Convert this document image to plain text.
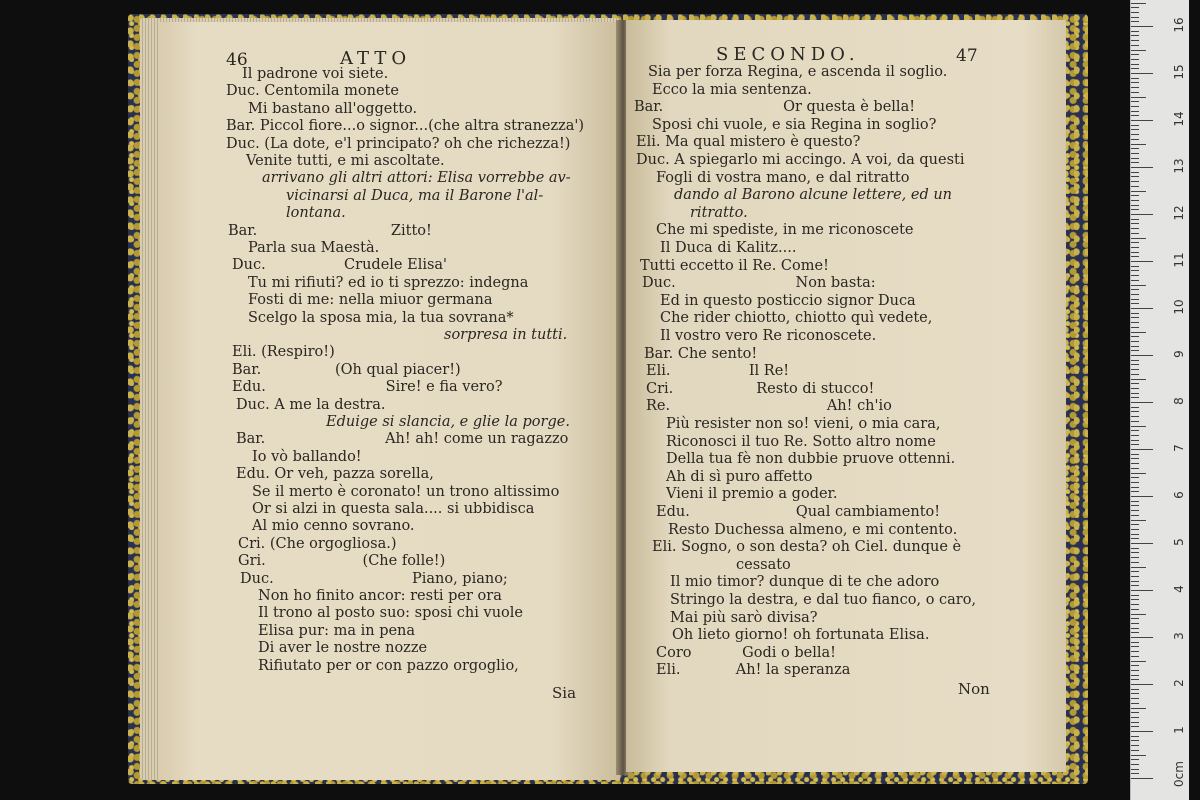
46	ATTO
Il padrone voi siete.
Duc. Centomila monete
Mi bastano all'oggetto.
Bar. Piccol fiore...o signor...(che altra stranezza')
Duc. (La dote, e'l principato? oh che richezza!)
Venite tutti, e mi ascoltate.
arrivano gli altri attori: Elisa vorrebbe av-
vicinarsi al Duca, ma il Barone l'al-
lontana.
Bar.                             Zitto!
Parla sua Maestà.
Duc.                 Crudele Elisa'
Tu mi rifiuti? ed io ti sprezzo: indegna
Fosti di me: nella miuor germana
Scelgo la sposa mia, la tua sovrana*
sorpresa in tutti.
Eli. (Respiro!)
Bar.                (Oh qual piacer!)
Edu.                          Sire! e fia vero?
Duc. A me la destra.
Eduige si slancia, e glie la porge.
Bar.                          Ah! ah! come un ragazzo
Io vò ballando!
Edu. Or veh, pazza sorella,
Se il merto è coronato! un trono altissimo
Or si alzi in questa sala.... si ubbidisca
Al mio cenno sovrano.
Cri. (Che orgogliosa.)
Gri.                     (Che folle!)
Duc.                              Piano, piano;
Non ho finito ancor: resti per ora
Il trono al posto suo: sposi chi vuole
Elisa pur: ma in pena
Di aver le nostre nozze
Rifiutato per or con pazzo orgoglio,
Sia
SECONDO.	47
Sia per forza Regina, e ascenda il soglio.
Ecco la mia sentenza.
Bar.                          Or questa è bella!
Sposi chi vuole, e sia Regina in soglio?
Eli. Ma qual mistero è questo?
Duc. A spiegarlo mi accingo. A voi, da questi
Fogli di vostra mano, e dal ritratto
dando al Barono alcune lettere, ed un
ritratto.
Che mi spediste, in me riconoscete
Il Duca di Kalitz....
Tutti eccetto il Re. Come!
Duc.                          Non basta:
Ed in questo posticcio signor Duca
Che rider chiotto, chiotto quì vedete,
Il vostro vero Re riconoscete.
Bar. Che sento!
Eli.                 Il Re!
Cri.                  Resto di stucco!
Re.                                  Ah! ch'io
Più resister non so! vieni, o mia cara,
Riconosci il tuo Re. Sotto altro nome
Della tua fè non dubbie pruove ottenni.
Ah di sì puro affetto
Vieni il premio a goder.
Edu.                       Qual cambiamento!
Resto Duchessa almeno, e mi contento.
Eli. Sogno, o son desta? oh Ciel. dunque è
cessato
Il mio timor? dunque di te che adoro
Stringo la destra, e dal tuo fianco, o caro,
Mai più sarò divisa?
Oh lieto giorno! oh fortunata Elisa.
Coro           Godi o bella!
Eli.            Ah! la speranza
Non
0cm
1
2
3
4
5
6
7
8
9
10
11
12
13
14
15
16
